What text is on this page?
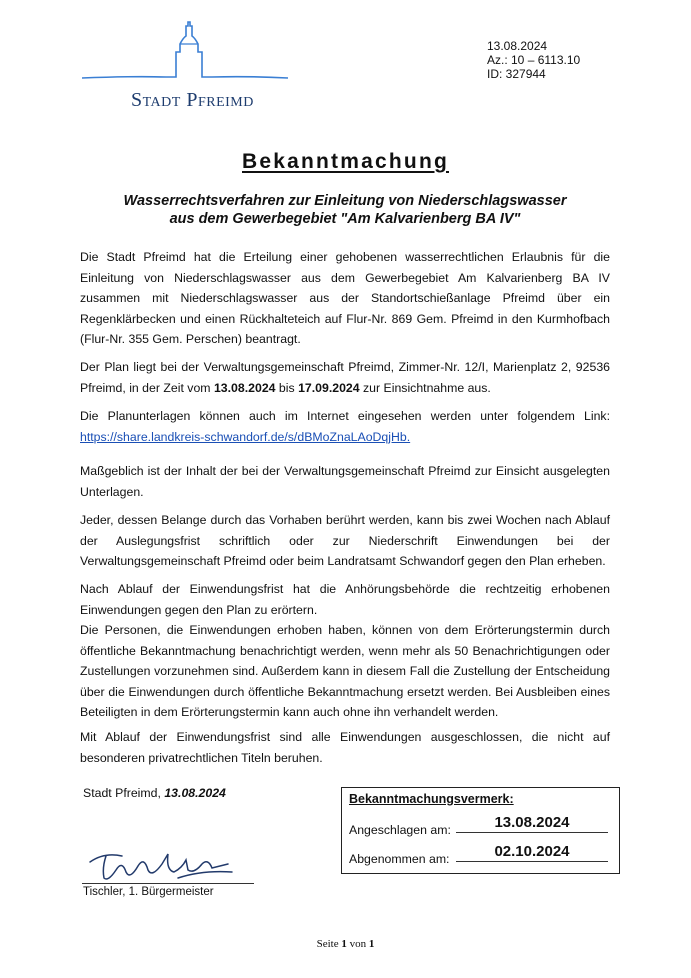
Stadt Pfreimd
13.08.2024
Az.: 10 – 6113.10
ID: 327944
Bekanntmachung
Wasserrechtsverfahren zur Einleitung von Niederschlagswasser
aus dem Gewerbegebiet "Am Kalvarienberg BA IV"

Die Stadt Pfreimd hat die Erteilung einer gehobenen wasserrechtlichen Erlaubnis für die Einleitung von Niederschlagswasser aus dem Gewerbegebiet Am Kalvarienberg BA IV zusammen mit Niederschlagswasser aus der Standortschießanlage Pfreimd über ein Regenklärbecken und einen Rückhalteteich auf Flur-Nr. 869 Gem. Pfreimd in den Kurmhofbach (Flur-Nr. 355 Gem. Perschen) beantragt.

Der Plan liegt bei der Verwaltungsgemeinschaft Pfreimd, Zimmer-Nr. 12/I, Marienplatz 2, 92536 Pfreimd, in der Zeit vom 13.08.2024 bis 17.09.2024 zur Einsichtnahme aus.

Die Planunterlagen können auch im Internet eingesehen werden unter folgendem Link: https://share.landkreis-schwandorf.de/s/dBMoZnaLAoDqjHb.

Maßgeblich ist der Inhalt der bei der Verwaltungsgemeinschaft Pfreimd zur Einsicht ausgelegten Unterlagen.

Jeder, dessen Belange durch das Vorhaben berührt werden, kann bis zwei Wochen nach Ablauf der Auslegungsfrist schriftlich oder zur Niederschrift Einwendungen bei der Verwaltungsgemeinschaft Pfreimd oder beim Landratsamt Schwandorf gegen den Plan erheben.

Nach Ablauf der Einwendungsfrist hat die Anhörungsbehörde die rechtzeitig erhobenen Einwendungen gegen den Plan zu erörtern.

Die Personen, die Einwendungen erhoben haben, können von dem Erörterungstermin durch öffentliche Bekanntmachung benachrichtigt werden, wenn mehr als 50 Benachrichtigungen oder Zustellungen vorzunehmen sind. Außerdem kann in diesem Fall die Zustellung der Entscheidung über die Einwendungen durch öffentliche Bekanntmachung ersetzt werden. Bei Ausbleiben eines Beteiligten in dem Erörterungstermin kann auch ohne ihn verhandelt werden.

Mit Ablauf der Einwendungsfrist sind alle Einwendungen ausgeschlossen, die nicht auf besonderen privatrechtlichen Titeln beruhen.

Stadt Pfreimd, 13.08.2024
Tischler, 1. Bürgermeister
Bekanntmachungsvermerk:
Angeschlagen am:	13.08.2024
Abgenommen am:	02.10.2024
Seite 1 von 1
